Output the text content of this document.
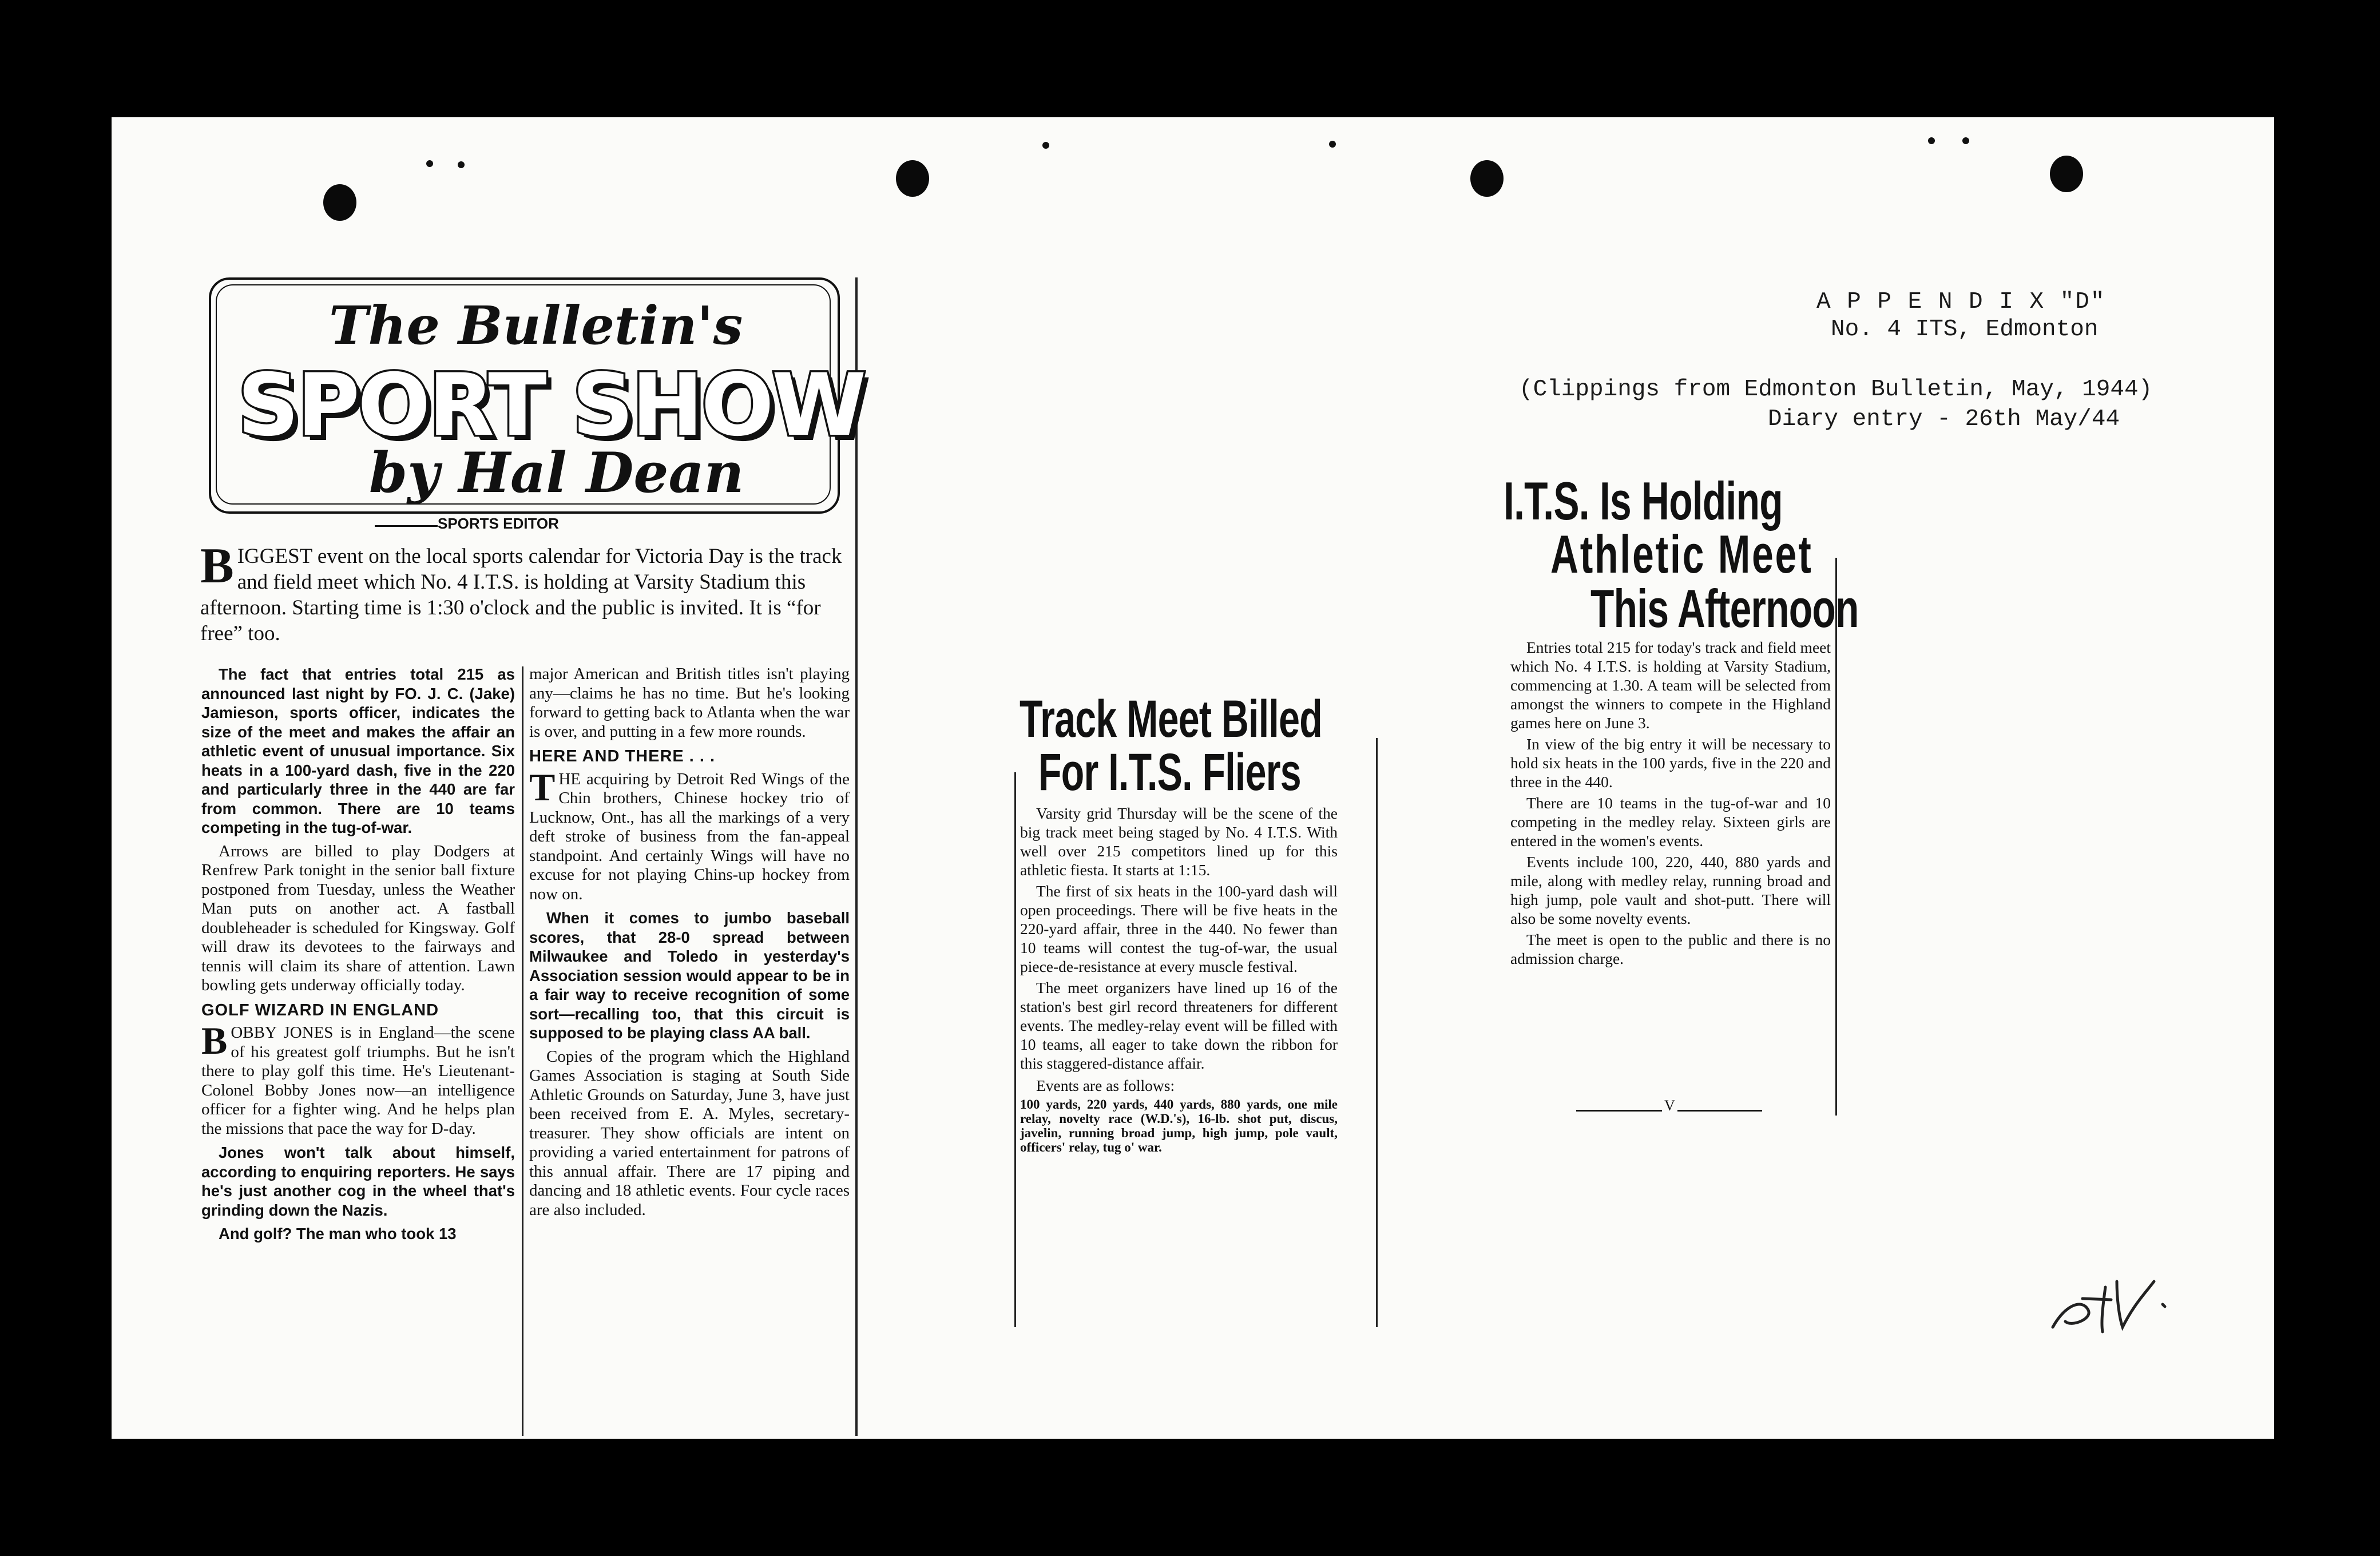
A P P E N D I X "D"
No. 4 ITS, Edmonton
(Clippings from Edmonton Bulletin, May, 1944)
Diary entry - 26th May/44
The Bulletin's
SPORT SHOW
by Hal Dean
SPORTS EDITOR
BIGGEST event on the local sports calendar for Victoria Day is the track and field meet which No. 4 I.T.S. is holding at Varsity Stadium this afternoon. Starting time is 1:30 o'clock and the public is invited. It is “for free” too.

The fact that entries total 215 as announced last night by FO. J. C. (Jake) Jamieson, sports officer, indicates the size of the meet and makes the affair an athletic event of unusual importance. Six heats in a 100-yard dash, five in the 220 and particularly three in the 440 are far from common. There are 10 teams competing in the tug-of-war.

Arrows are billed to play Dodgers at Renfrew Park tonight in the senior ball fixture postponed from Tuesday, unless the Weather Man puts on another act. A fastball doubleheader is scheduled for Kingsway. Golf will draw its devotees to the fairways and tennis will claim its share of attention. Lawn bowling gets underway officially today.

GOLF WIZARD IN ENGLAND

BOBBY JONES is in England—the scene of his greatest golf triumphs. But he isn't there to play golf this time. He's Lieutenant-Colonel Bobby Jones now—an intelligence officer for a fighter wing. And he helps plan the missions that pace the way for D-day.

Jones won't talk about himself, according to enquiring reporters. He says he's just another cog in the wheel that's grinding down the Nazis.

And golf? The man who took 13

major American and British titles isn't playing any—claims he has no time. But he's looking forward to getting back to Atlanta when the war is over, and putting in a few more rounds.

HERE AND THERE . . .

THE acquiring by Detroit Red Wings of the Chin brothers, Chinese hockey trio of Lucknow, Ont., has all the markings of a very deft stroke of business from the fan-appeal standpoint. And certainly Wings will have no excuse for not playing Chins-up hockey from now on.

When it comes to jumbo baseball scores, that 28-0 spread between Milwaukee and Toledo in yesterday's Association session would appear to be in a fair way to receive recognition of some sort—recalling too, that this circuit is supposed to be playing class AA ball.

Copies of the program which the Highland Games Association is staging at South Side Athletic Grounds on Saturday, June 3, have just been received from E. A. Myles, secretary-treasurer. They show officials are intent on providing a varied entertainment for patrons of this annual affair. There are 17 piping and dancing and 18 athletic events. Four cycle races are also included.

Track Meet Billed
For I.T.S. Fliers

Varsity grid Thursday will be the scene of the big track meet being staged by No. 4 I.T.S. With well over 215 competitors lined up for this athletic fiesta. It starts at 1:15.

The first of six heats in the 100-yard dash will open proceedings. There will be five heats in the 220-yard affair, three in the 440. No fewer than 10 teams will contest the tug-of-war, the usual piece-de-resistance at every muscle festival.

The meet organizers have lined up 16 of the station's best girl record threateners for different events. The medley-relay event will be filled with 10 teams, all eager to take down the ribbon for this staggered-distance affair.

Events are as follows:

100 yards, 220 yards, 440 yards, 880 yards, one mile relay, novelty race (W.D.'s), 16-lb. shot put, discus, javelin, running broad jump, high jump, pole vault, officers' relay, tug o' war.

I.T.S. Is Holding
Athletic Meet
This Afternoon

Entries total 215 for today's track and field meet which No. 4 I.T.S. is holding at Varsity Stadium, commencing at 1.30. A team will be selected from amongst the winners to compete in the Highland games here on June 3.

In view of the big entry it will be necessary to hold six heats in the 100 yards, five in the 220 and three in the 440.

There are 10 teams in the tug-of-war and 10 competing in the medley relay. Sixteen girls are entered in the women's events.

Events include 100, 220, 440, 880 yards and mile, along with medley relay, running broad and high jump, pole vault and shot-putt. There will also be some novelty events.

The meet is open to the public and there is no admission charge.

V
